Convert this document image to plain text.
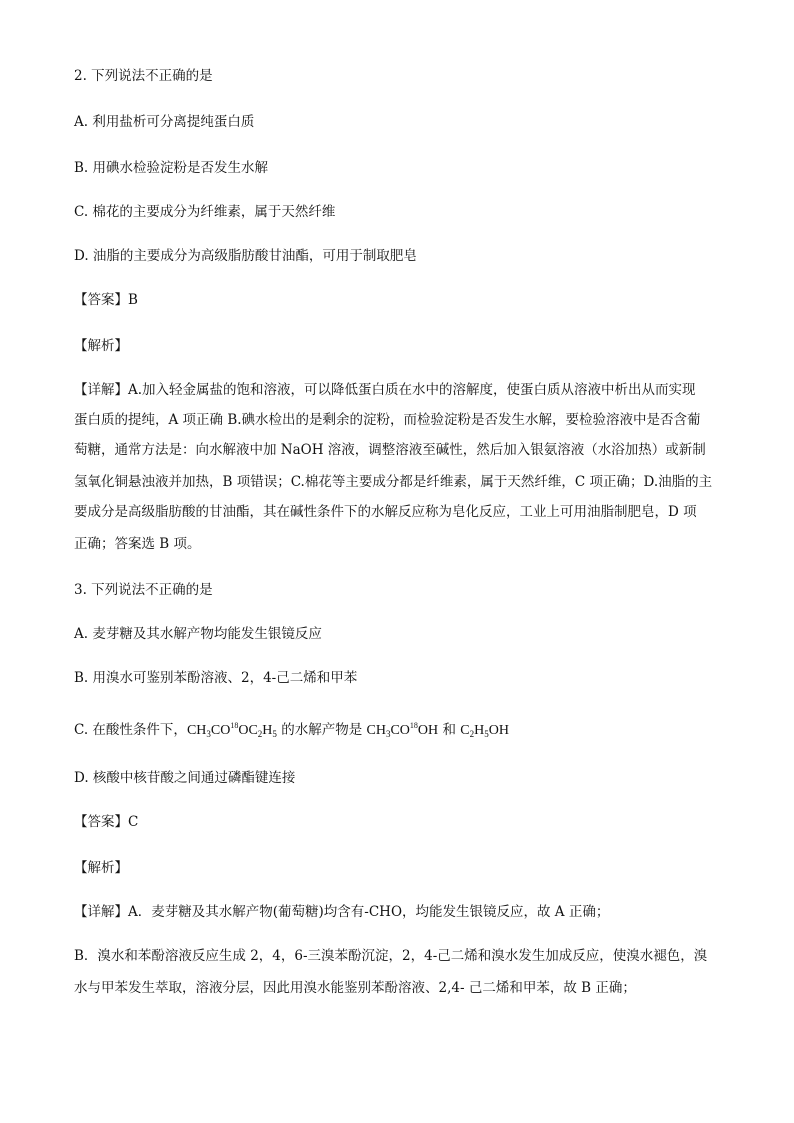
2. 下列说法不正确的是
A. 利用盐析可分离提纯蛋白质
B. 用碘水检验淀粉是否发生水解
C. 棉花的主要成分为纤维素，属于天然纤维
D. 油脂的主要成分为高级脂肪酸甘油酯，可用于制取肥皂
【答案】B
【解析】
【详解】A.加入轻金属盐的饱和溶液，可以降低蛋白质在水中的溶解度，使蛋白质从溶液中析出从而实现
蛋白质的提纯，A 项正确 B.碘水检出的是剩余的淀粉，而检验淀粉是否发生水解，要检验溶液中是否含葡
萄糖，通常方法是：向水解液中加 NaOH 溶液，调整溶液至碱性，然后加入银氨溶液（水浴加热）或新制
氢氧化铜悬浊液并加热，B 项错误；C.棉花等主要成分都是纤维素，属于天然纤维，C 项正确；D.油脂的主
要成分是高级脂肪酸的甘油酯，其在碱性条件下的水解反应称为皂化反应，工业上可用油脂制肥皂，D 项
正确；答案选 B 项。
3. 下列说法不正确的是
A. 麦芽糖及其水解产物均能发生银镜反应
B. 用溴水可鉴别苯酚溶液、2，4-己二烯和甲苯
C. 在酸性条件下，$CH_3CO^{18}OC_2H_5$ 的水解产物是 $CH_3CO^{18}OH$ 和 $C_2H_5OH$
D. 核酸中核苷酸之间通过磷酯键连接
【答案】C
【解析】
【详解】A．麦芽糖及其水解产物(葡萄糖)均含有-CHO，均能发生银镜反应，故 A 正确；
B．溴水和苯酚溶液反应生成 2，4，6-三溴苯酚沉淀，2，4-己二烯和溴水发生加成反应，使溴水褪色，溴
水与甲苯发生萃取，溶液分层，因此用溴水能鉴别苯酚溶液、2,4- 己二烯和甲苯，故 B 正确；
